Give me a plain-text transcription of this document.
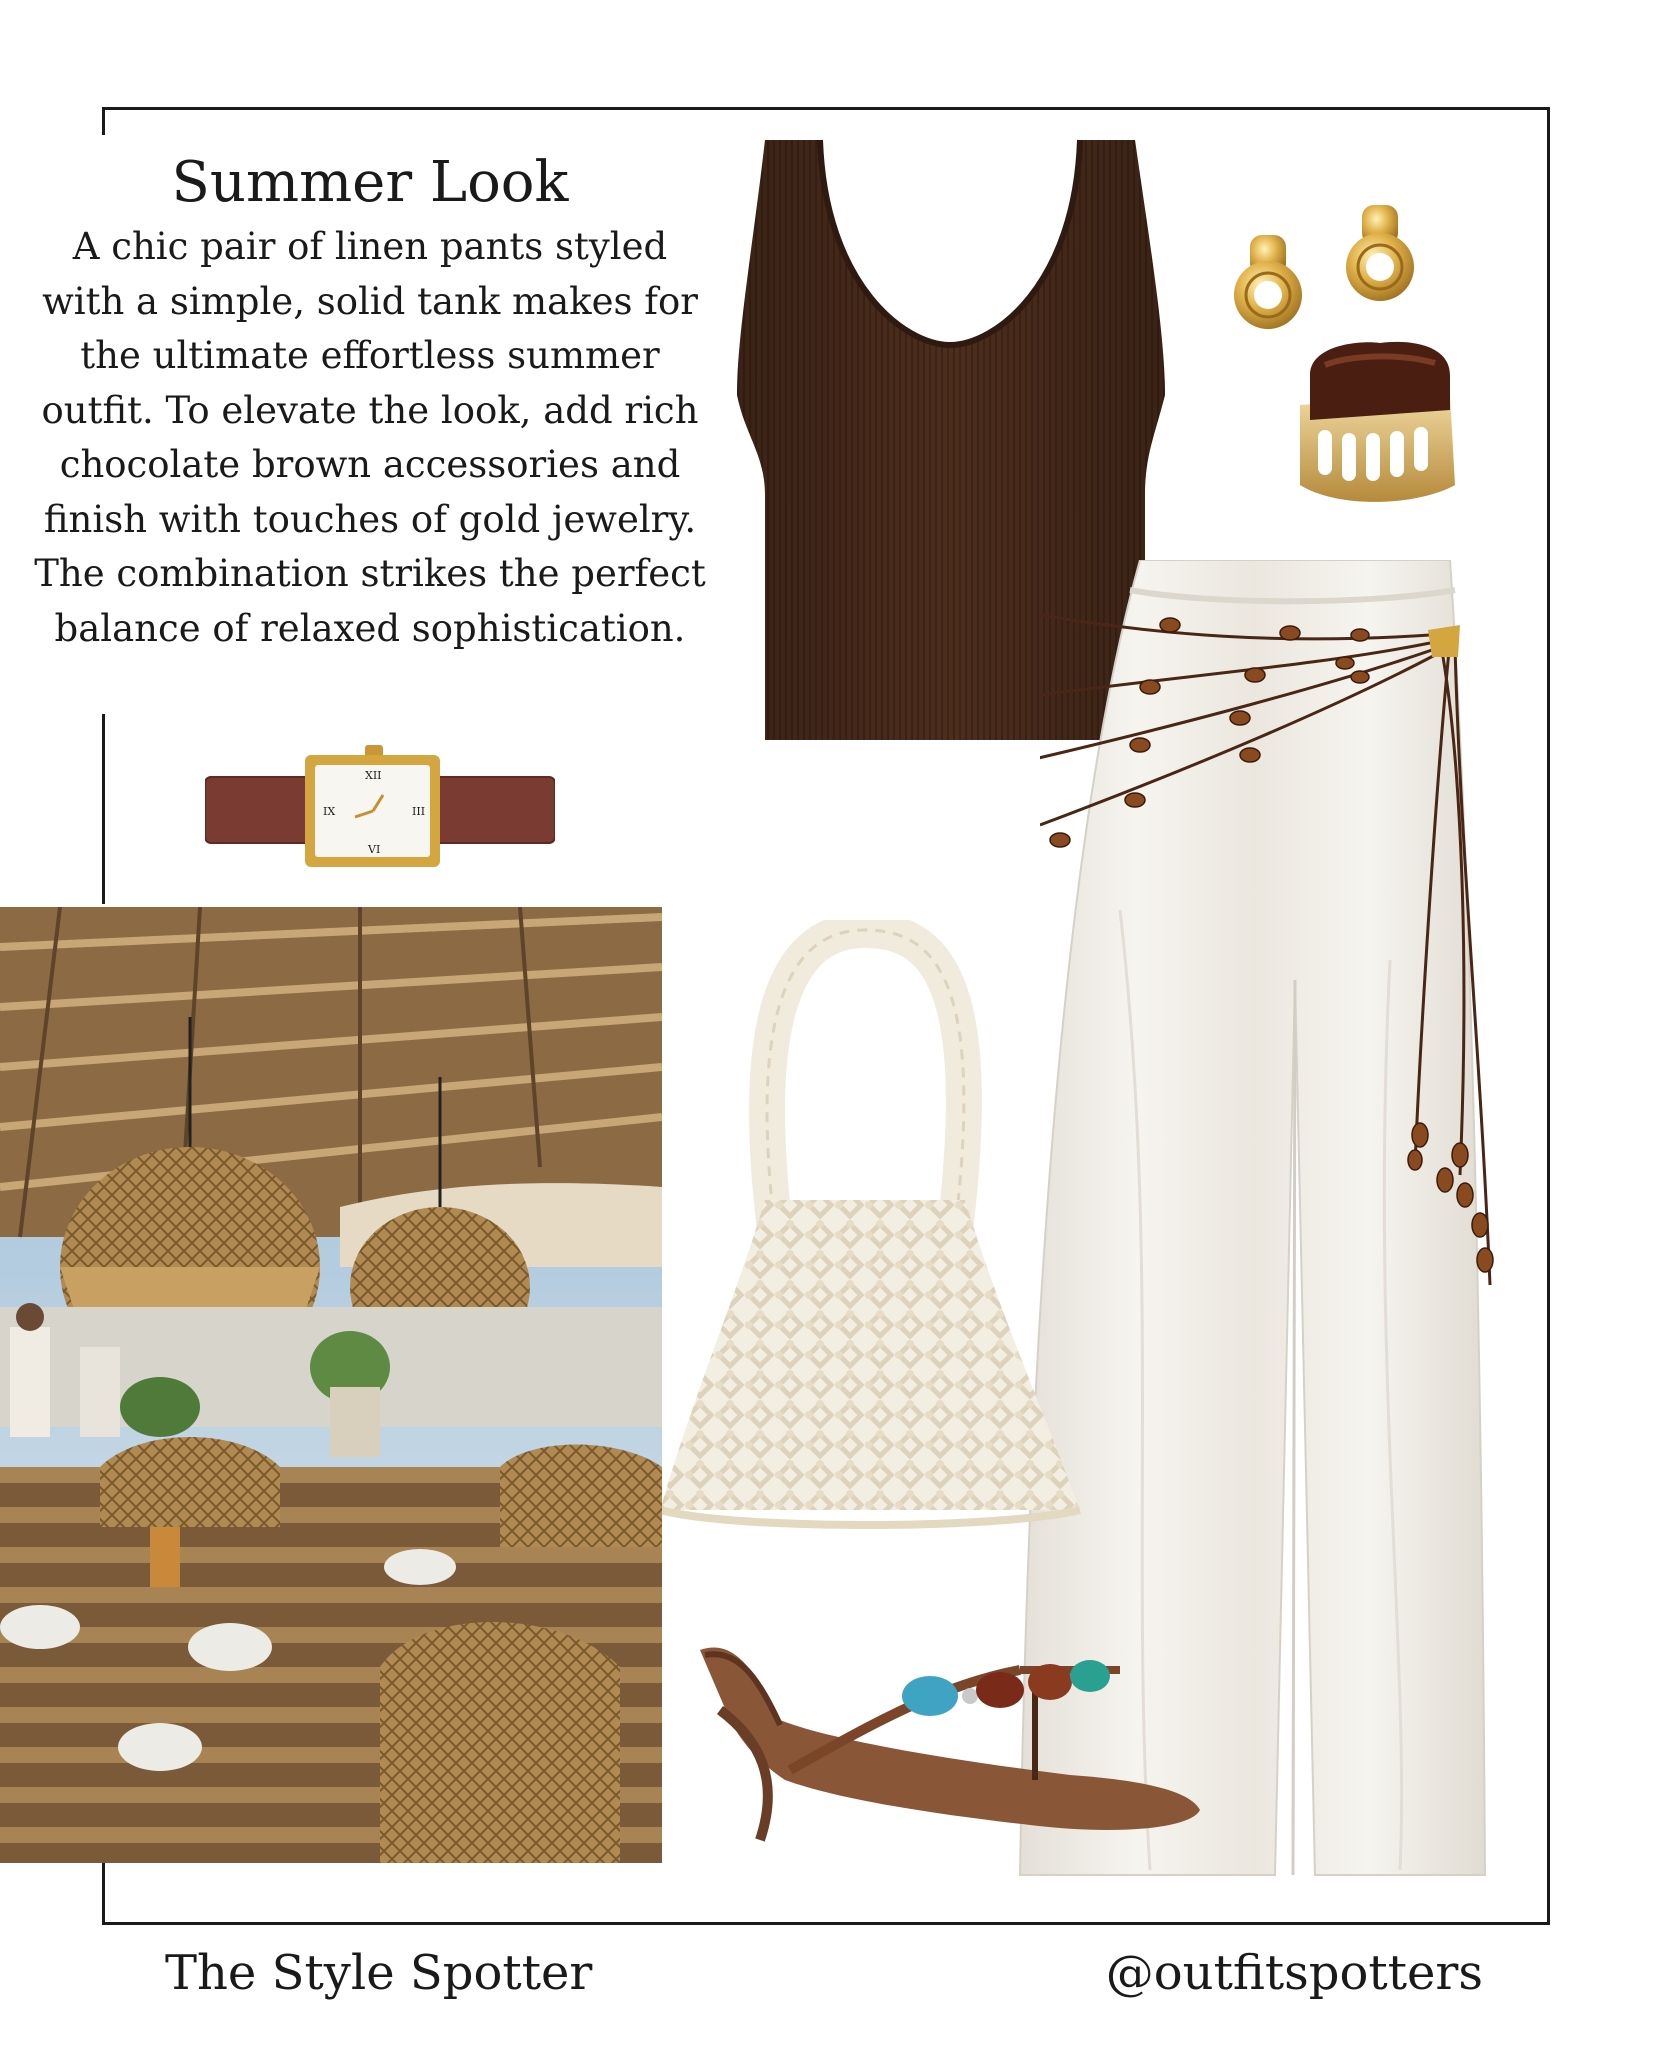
Summer Look
A chic pair of linen pants styled with a simple, solid tank makes for the ultimate effortless summer outfit. To elevate the look, add rich chocolate brown accessories and finish with touches of gold jewelry. The combination strikes the perfect balance of relaxed sophistication.
XII
IX	III
VI
The Style Spotter	@outfitspotters
